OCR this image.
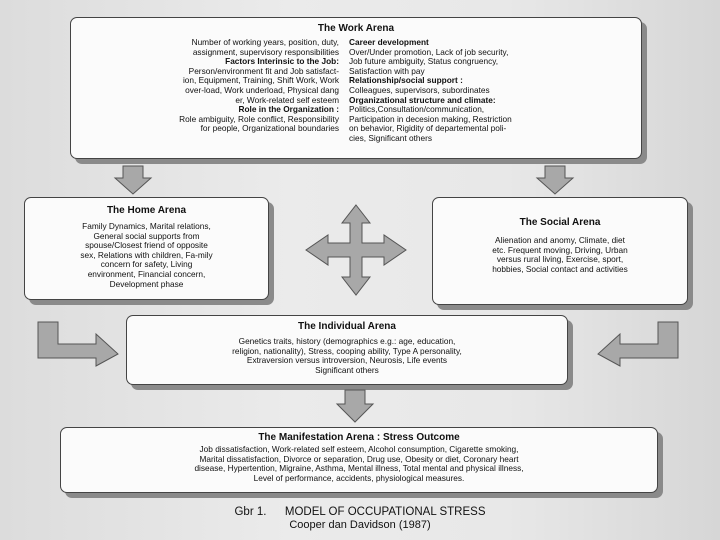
The Work Arena
Number of working years, position, duty,
assignment, supervisory responsibilities
Factors Interinsic to the Job:
Person/environment fit and Job satisfact-
ion, Equipment, Training, Shift Work, Work
over-load, Work underload, Physical dang
er, Work-related self esteem
Role in the Organization :
Role ambiguity, Role conflict, Responsibility
for people, Organizational boundaries
Career development
Over/Under promotion, Lack of job security,
Job future ambiguity, Status congruency,
Satisfaction with pay
Relationship/social support :
Colleagues, supervisors, subordinates
Organizational structure and climate:
Politics,Consultation/communication,
Participation in decesion making, Restriction
on behavior, Rigidity of departemental poli-
cies, Significant others
The Home Arena
Family Dynamics, Marital relations,
General social supports from
spouse/Closest friend of opposite
sex, Relations with children, Fa-mily
concern for safety, Living
environment, Financial concern,
Development phase
The Social Arena
Alienation and anomy, Climate, diet
etc. Frequent moving, Driving, Urban
versus rural living, Exercise, sport,
hobbies, Social contact and activities
The Individual Arena
Genetics traits, history (demographics e.g.: age, education,
religion, nationality), Stress, cooping ability, Type A personality,
Extraversion versus introversion, Neurosis, Life events
Significant others
The Manifestation Arena : Stress Outcome
Job dissatisfaction, Work-related self esteem, Alcohol consumption, Cigarette smoking,
Marital dissatisfaction, Divorce or separation, Drug use, Obesity or diet, Coronary heart
disease, Hypertention, Migraine, Asthma, Mental illness, Total mental and physical illness,
Level of performance, accidents, physiological measures.
Gbr 1. MODEL OF OCCUPATIONAL STRESS
Cooper dan Davidson (1987)
